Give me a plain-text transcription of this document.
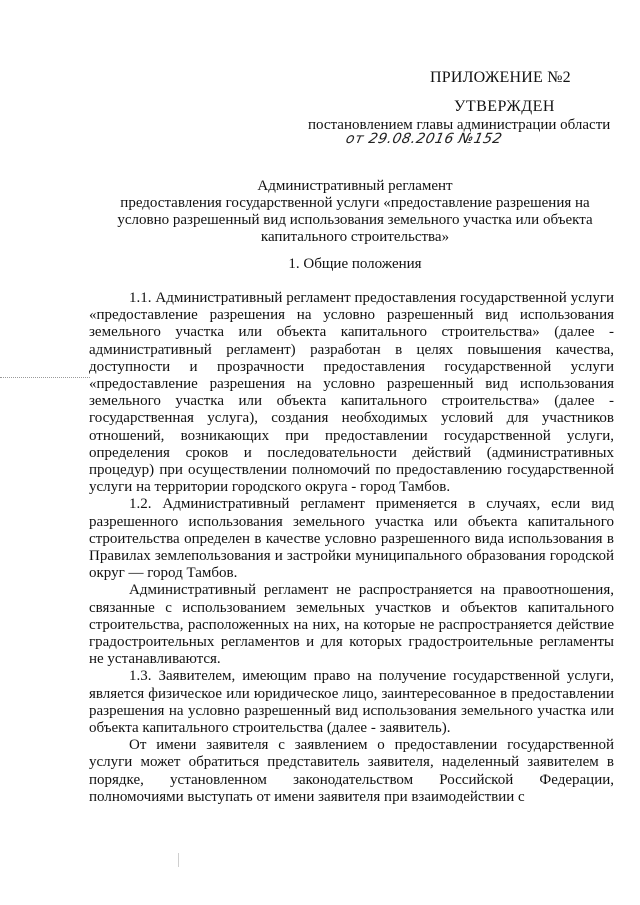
ПРИЛОЖЕНИЕ №2

УТВЕРЖДЕН

постановлением главы администрации области

от 29.08.2016 №152

Административный регламент
предоставления государственной услуги «предоставление разрешения на
условно разрешенный вид использования земельного участка или объекта
капитального строительства»

1. Общие положения

1.1. Административный регламент предоставления государственной услуги «предоставление разрешения на условно разрешенный вид использования земельного участка или объекта капитального строительства» (далее - административный регламент) разработан в целях повышения качества, доступности и прозрачности предоставления государственной услуги «предоставление разрешения на условно разрешенный вид использования земельного участка или объекта капитального строительства» (далее - государственная услуга), создания необходимых условий для участников отношений, возникающих при предоставлении государственной услуги, определения сроков и последовательности действий (административных процедур) при осуществлении полномочий по предоставлению государственной услуги на территории городского округа - город Тамбов.

1.2. Административный регламент применяется в случаях, если вид разрешенного использования земельного участка или объекта капитального строительства определен в качестве условно разрешенного вида использования в Правилах землепользования и застройки муниципального образования городской округ — город Тамбов.

Административный регламент не распространяется на правоотношения, связанные с использованием земельных участков и объектов капитального строительства, расположенных на них, на которые не распространяется действие градостроительных регламентов и для которых градостроительные регламенты не устанавливаются.

1.3. Заявителем, имеющим право на получение государственной услуги, является физическое или юридическое лицо, заинтересованное в предоставлении разрешения на условно разрешенный вид использования земельного участка или объекта капитального строительства (далее - заявитель).

От имени заявителя с заявлением о предоставлении государственной услуги может обратиться представитель заявителя, наделенный заявителем в порядке, установленном законодательством Российской Федерации, полномочиями выступать от имени заявителя при взаимодействии с
